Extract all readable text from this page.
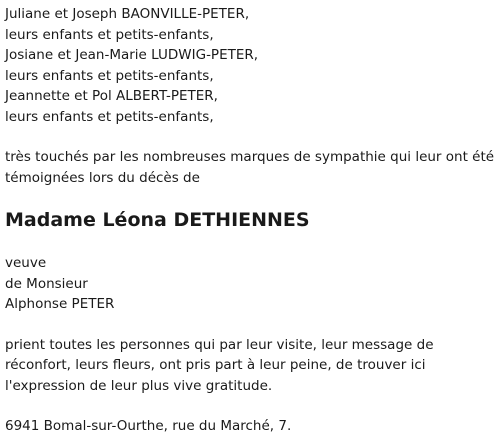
Juliane et Joseph BAONVILLE-PETER,
leurs enfants et petits-enfants,
Josiane et Jean-Marie LUDWIG-PETER,
leurs enfants et petits-enfants,
Jeannette et Pol ALBERT-PETER,
leurs enfants et petits-enfants,
très touchés par les nombreuses marques de sympathie qui leur ont été
témoignées lors du décès de
Madame Léona DETHIENNES
veuve
de Monsieur
Alphonse PETER
prient toutes les personnes qui par leur visite, leur message de
réconfort, leurs fleurs, ont pris part à leur peine, de trouver ici
l'expression de leur plus vive gratitude.
6941 Bomal-sur-Ourthe, rue du Marché, 7.
